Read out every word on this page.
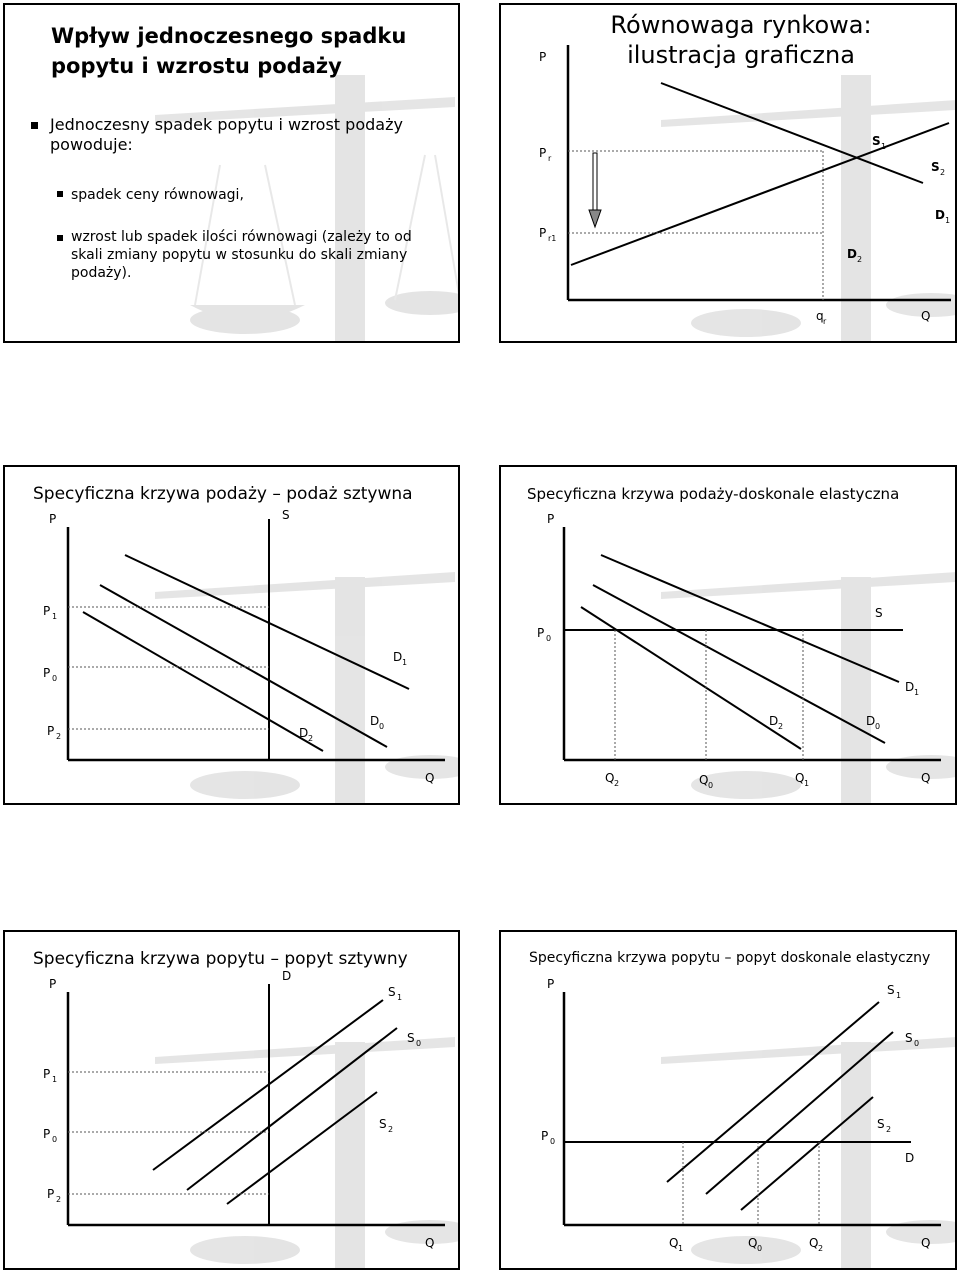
Wpływ jednoczesnego spadku popytu i wzrostu podaży
Jednoczesny spadek popytu i wzrost podaży powoduje:
spadek ceny równowagi,
wzrost lub spadek ilości równowagi (zależy to od skali zmiany popytu w stosunku do skali zmiany podaży).
Równowaga rynkowa:
ilustracja graficzna
P
P r
P r1
S 1
S 2
D 1
D 2
q r	Q
Specyficzna krzywa podaży – podaż sztywna
P	S
P 1
P 0
P 2
D 1
D 2
D 0
Q
Specyficzna krzywa podaży-doskonale elastyczna
P
P 0
S
D 1
D 2	D 0
Q 2	Q 0
Q 1	Q
Specyficzna krzywa popytu – popyt sztywny
P
D
S 1
S 0
S 2
P 1
P 0
P 2
Q
Specyficzna krzywa popytu – popyt doskonale elastyczny
P	S 1
S 0
S 2
P 0
D
Q 1	Q 0	Q 2	Q
